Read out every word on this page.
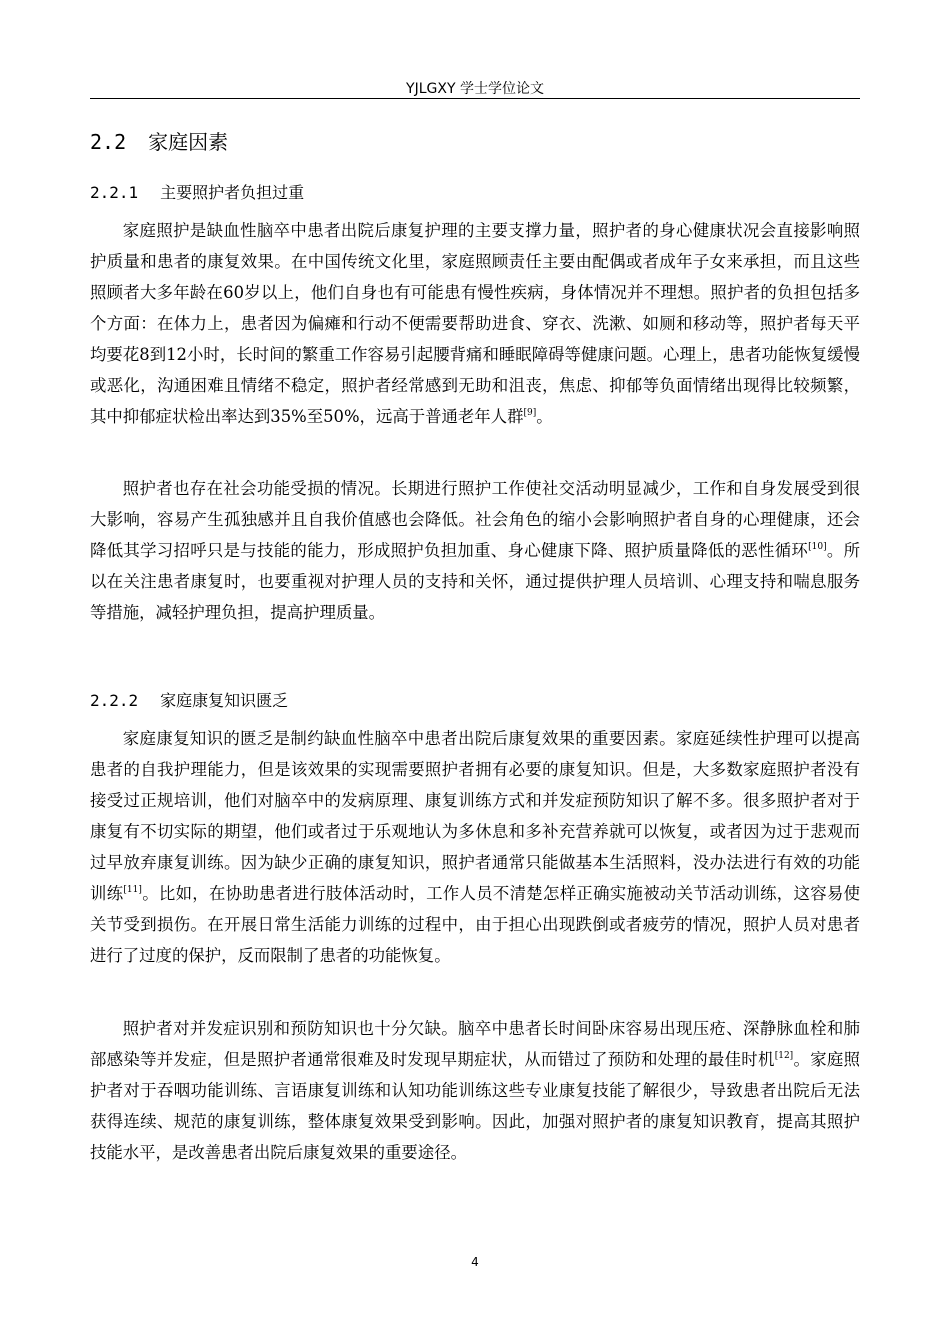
YJLGXY 学士学位论文
2.2 家庭因素
2.2.1 主要照护者负担过重

家庭照护是缺血性脑卒中患者出院后康复护理的主要支撑力量，照护者的身心健康状况会直接影响照护质量和患者的康复效果。在中国传统文化里，家庭照顾责任主要由配偶或者成年子女来承担，而且这些照顾者大多年龄在60岁以上，他们自身也有可能患有慢性疾病，身体情况并不理想。照护者的负担包括多个方面：在体力上，患者因为偏瘫和行动不便需要帮助进食、穿衣、洗漱、如厕和移动等，照护者每天平均要花8到12小时，长时间的繁重工作容易引起腰背痛和睡眠障碍等健康问题。心理上，患者功能恢复缓慢或恶化，沟通困难且情绪不稳定，照护者经常感到无助和沮丧，焦虑、抑郁等负面情绪出现得比较频繁，其中抑郁症状检出率达到35%至50%，远高于普通老年人群[9]。

照护者也存在社会功能受损的情况。长期进行照护工作使社交活动明显减少，工作和自身发展受到很大影响，容易产生孤独感并且自我价值感也会降低。社会角色的缩小会影响照护者自身的心理健康，还会降低其学习招呼只是与技能的能力，形成照护负担加重、身心健康下降、照护质量降低的恶性循环[10]。所以在关注患者康复时，也要重视对护理人员的支持和关怀，通过提供护理人员培训、心理支持和喘息服务等措施，减轻护理负担，提高护理质量。

2.2.2 家庭康复知识匮乏

家庭康复知识的匮乏是制约缺血性脑卒中患者出院后康复效果的重要因素。家庭延续性护理可以提高患者的自我护理能力，但是该效果的实现需要照护者拥有必要的康复知识。但是，大多数家庭照护者没有接受过正规培训，他们对脑卒中的发病原理、康复训练方式和并发症预防知识了解不多。很多照护者对于康复有不切实际的期望，他们或者过于乐观地认为多休息和多补充营养就可以恢复，或者因为过于悲观而过早放弃康复训练。因为缺少正确的康复知识，照护者通常只能做基本生活照料，没办法进行有效的功能训练[11]。比如，在协助患者进行肢体活动时，工作人员不清楚怎样正确实施被动关节活动训练，这容易使关节受到损伤。在开展日常生活能力训练的过程中，由于担心出现跌倒或者疲劳的情况，照护人员对患者进行了过度的保护，反而限制了患者的功能恢复。

照护者对并发症识别和预防知识也十分欠缺。脑卒中患者长时间卧床容易出现压疮、深静脉血栓和肺部感染等并发症，但是照护者通常很难及时发现早期症状，从而错过了预防和处理的最佳时机[12]。家庭照护者对于吞咽功能训练、言语康复训练和认知功能训练这些专业康复技能了解很少，导致患者出院后无法获得连续、规范的康复训练，整体康复效果受到影响。因此，加强对照护者的康复知识教育，提高其照护技能水平，是改善患者出院后康复效果的重要途径。

4
